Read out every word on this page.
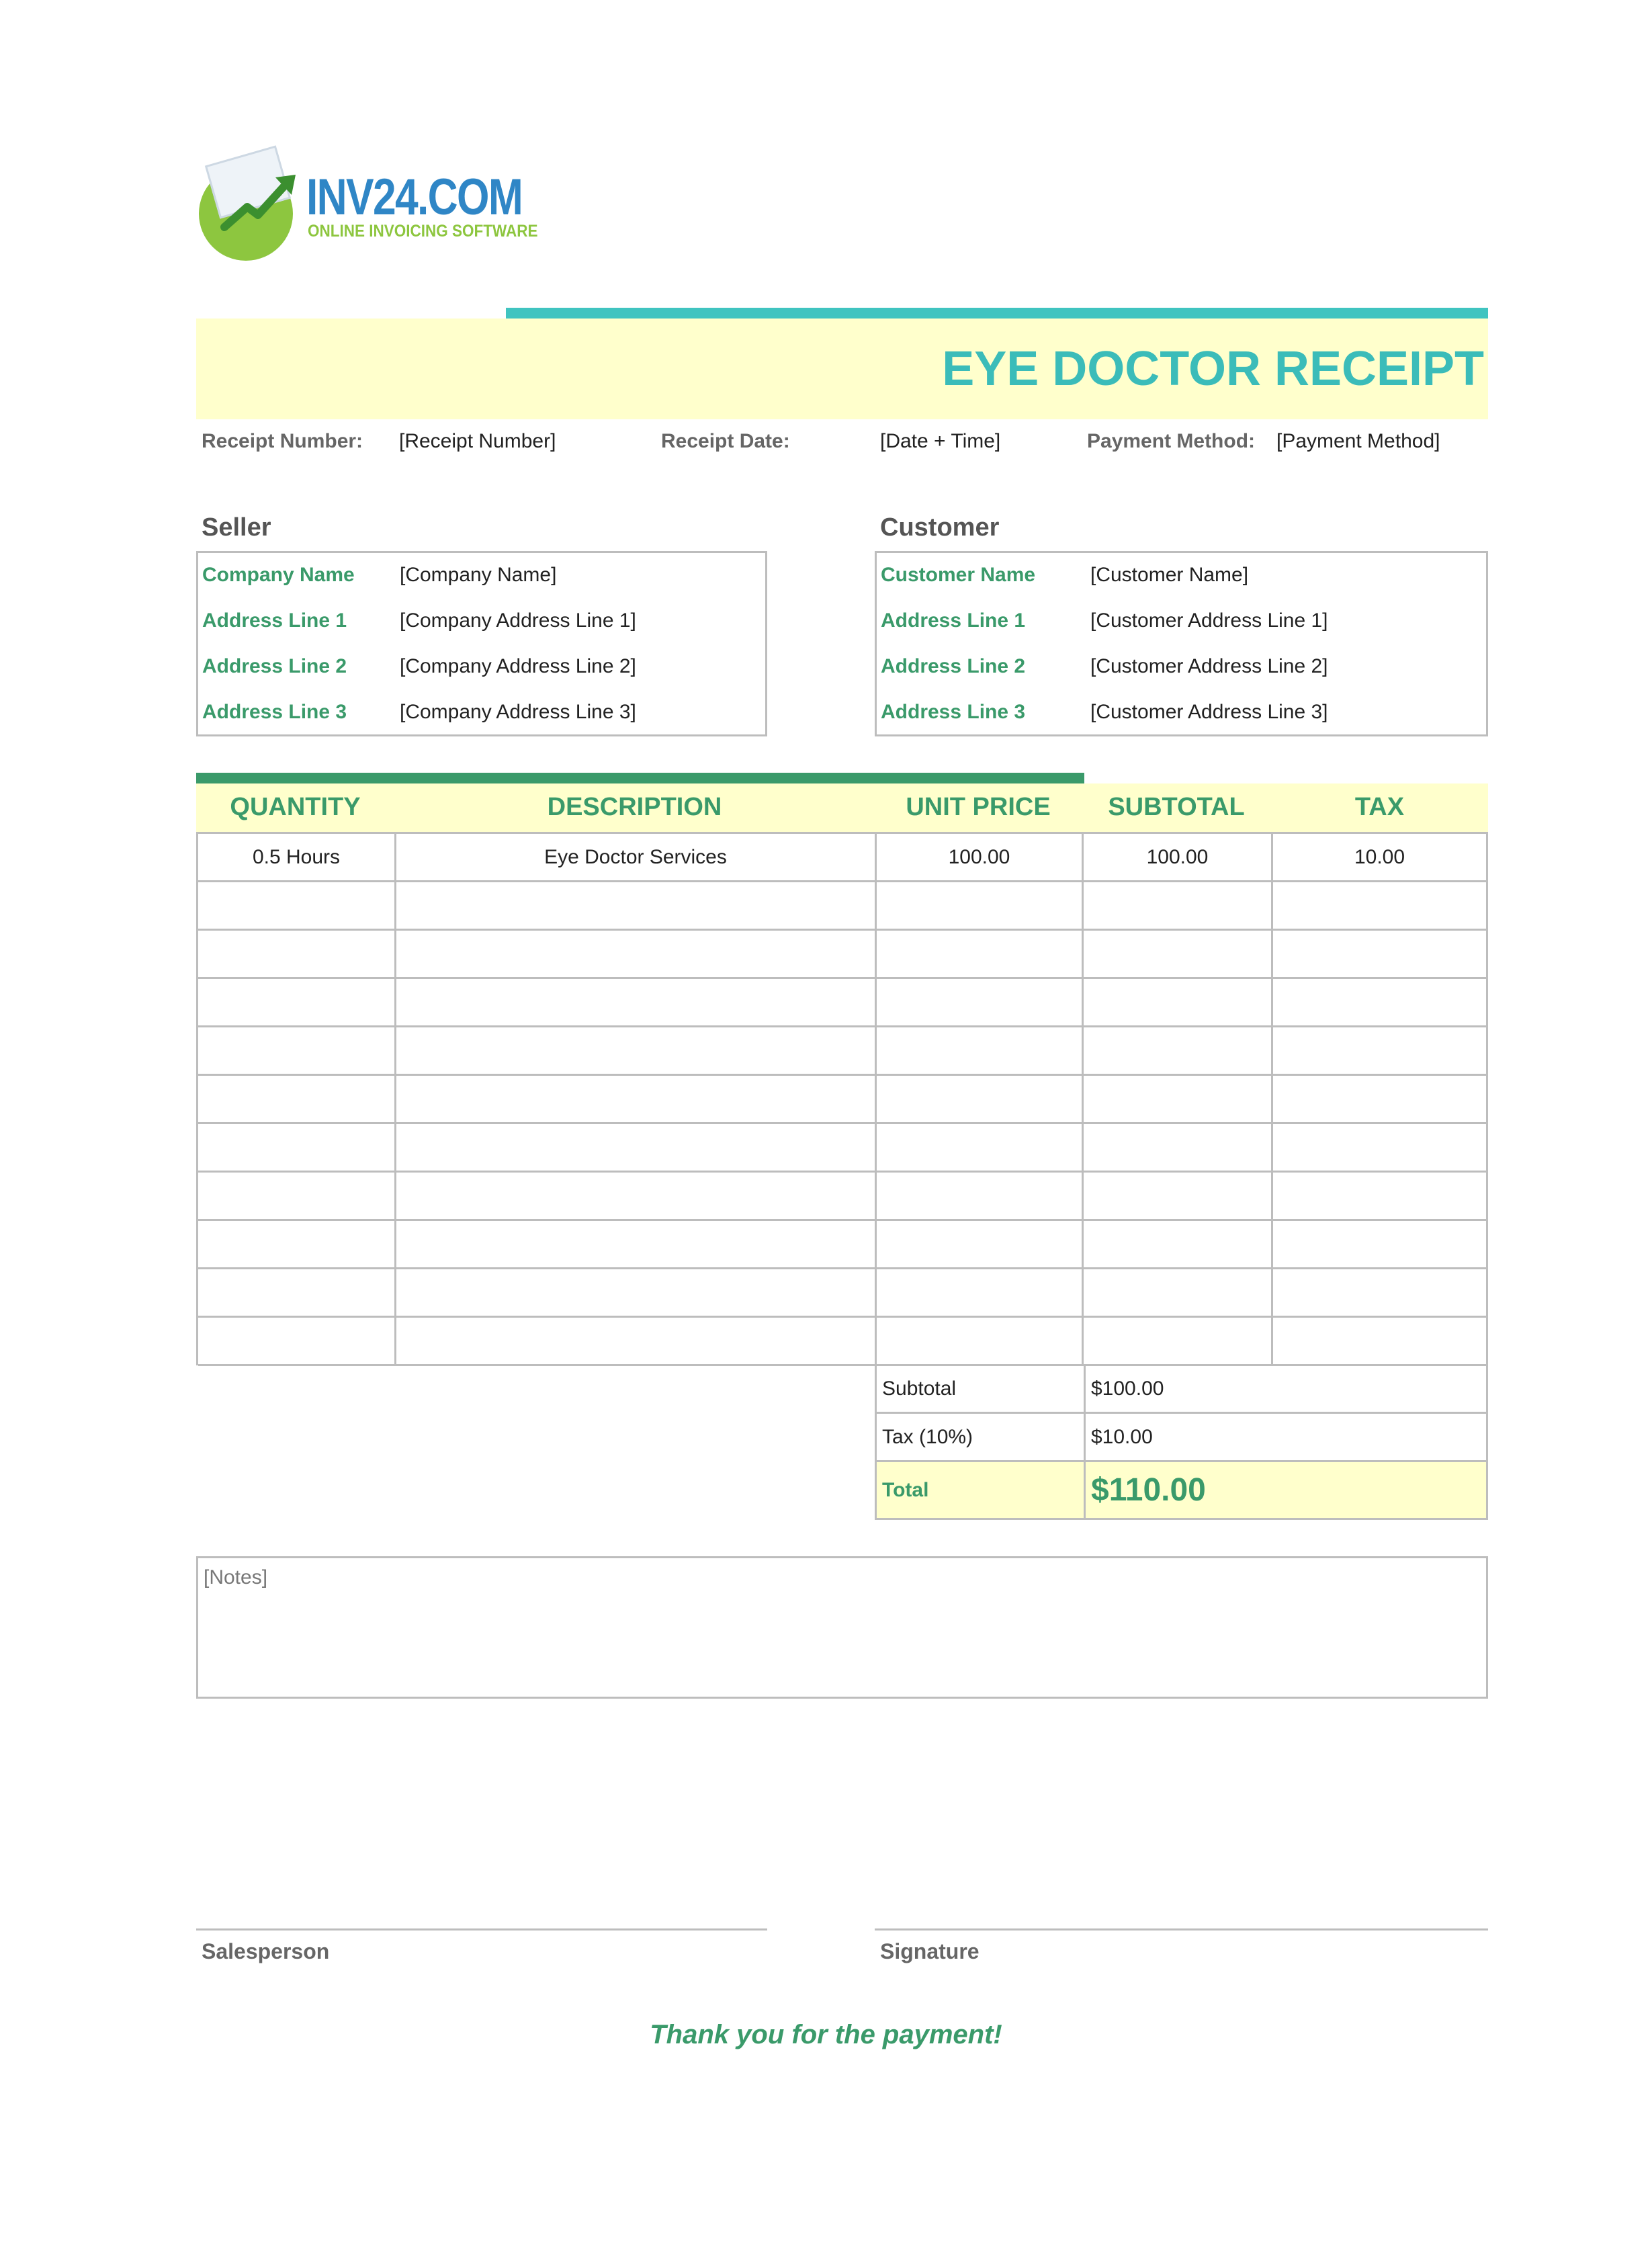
INV24.COM
ONLINE INVOICING SOFTWARE
EYE DOCTOR RECEIPT
Receipt Number: [Receipt Number]	Receipt Date:	[Date + Time]	Payment Method: [Payment Method]
Seller
Company Name [Company Name]
Address Line 1	[Company Address Line 1]
Address Line 2	[Company Address Line 2]
Address Line 3	[Company Address Line 3]
Customer
Customer Name	[Customer Name]
Address Line 1	[Customer Address Line 1]
Address Line 2	[Customer Address Line 2]
Address Line 3	[Customer Address Line 3]
QUANTITY	DESCRIPTION	UNIT PRICE	SUBTOTAL	TAX
0.5 Hours	Eye Doctor Services	100.00	100.00	10.00
Subtotal	$100.00
Tax (10%)	$10.00
Total	$110.00
[Notes]
Salesperson	Signature
Thank you for the payment!
